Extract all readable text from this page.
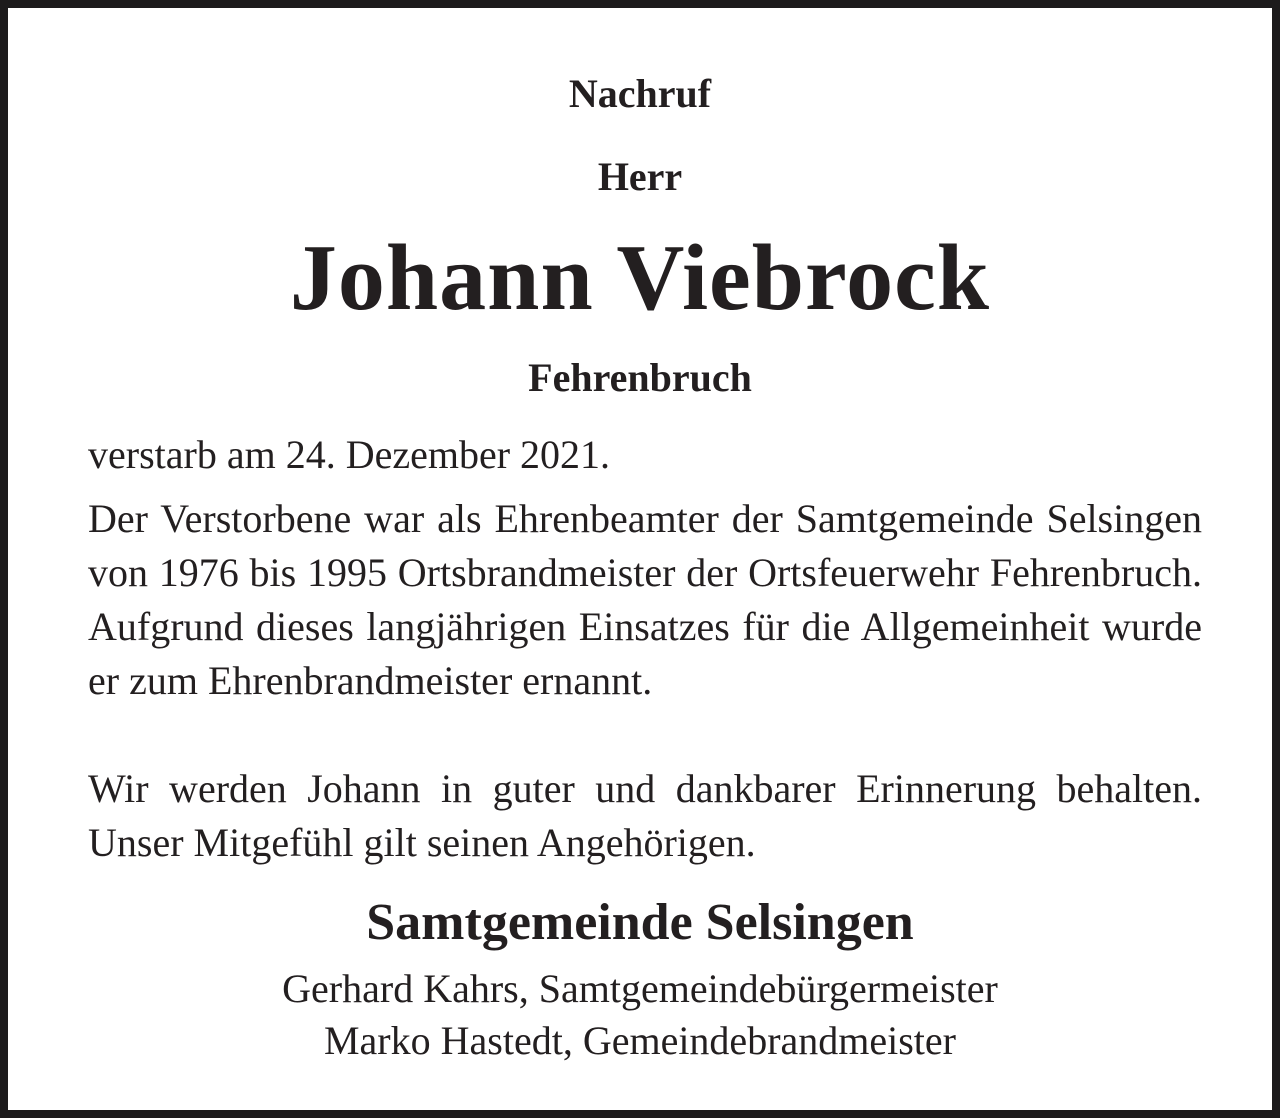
Nachruf
Herr
Johann Viebrock
Fehrenbruch
verstarb am 24. Dezember 2021.
Der Verstorbene war als Ehrenbeamter der Samtgemeinde Selsingen von 1976 bis 1995 Ortsbrandmeister der Ortsfeuerwehr Fehrenbruch. Aufgrund dieses langjährigen Einsatzes für die Allgemeinheit wurde er zum Ehrenbrandmeister ernannt.
Wir werden Johann in guter und dankbarer Erinnerung behalten. Unser Mitgefühl gilt seinen Angehörigen.
Samtgemeinde Selsingen
Gerhard Kahrs, Samtgemeindebürgermeister
Marko Hastedt, Gemeindebrandmeister
